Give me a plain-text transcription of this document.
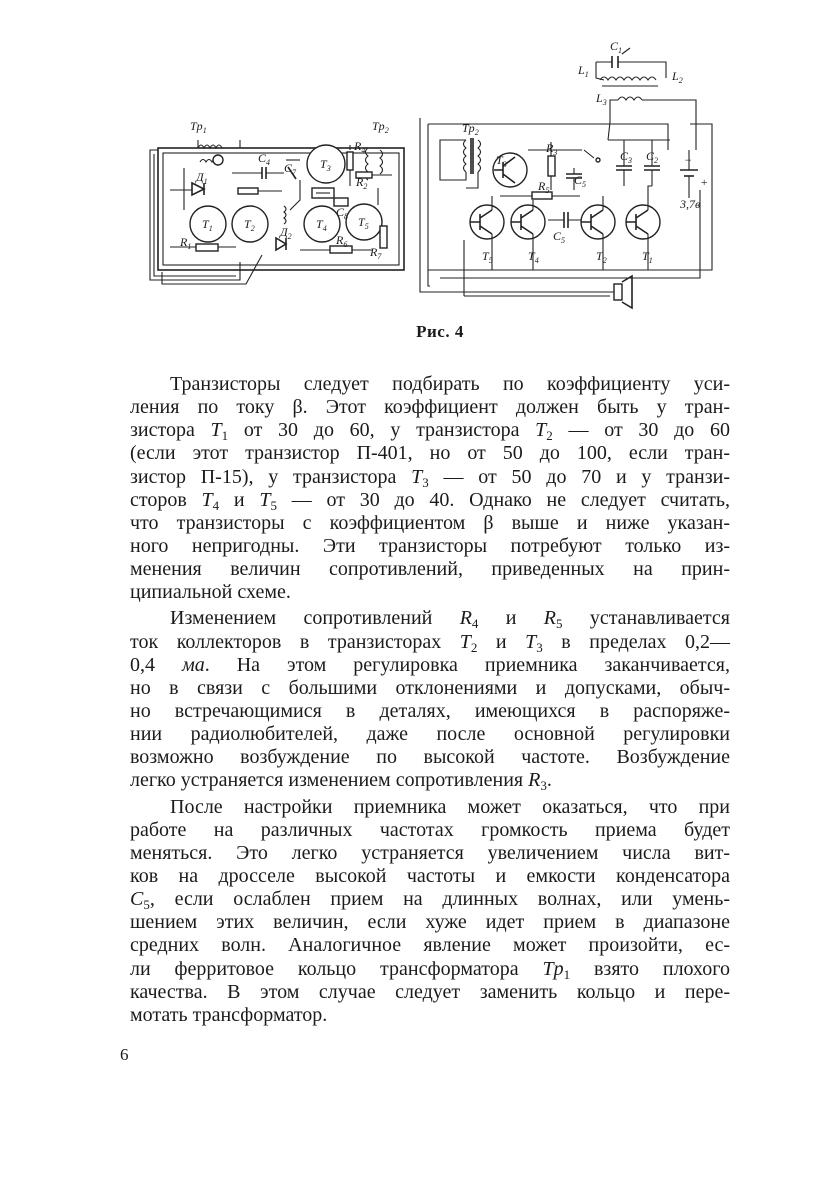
$Tp_1$	$Tp_2$
$C_4$ $C_7$
$T_3$
$R_4$
$R_2$
$Д_1$
$C_8$
$T_1$	$T_2$	$T_4$	$T_5$
$R_1$	$R_6$
$R_7$
$Д_2$
$C_1$
$L_1$	$L_2$
$L_3$
$Tp_2$
$T_3$
$R_3$
$C_5$
$C_3$ $C_2$
$R_5$
$C_5$
$T_5$	$T_4$	$T_2$	$T_1$
−
+
3,7в
Рис. 4
Транзисторы следует подбирать по коэффициенту уси-
ления по току β. Этот коэффициент должен быть у тран-
зистора $T_1$ от 30 до 60, у транзистора $T_2$ — от 30 до 60
(если этот транзистор П-401, но от 50 до 100, если тран-
зистор П-15), у транзистора $T_3$ — от 50 до 70 и у транзи-
сторов $T_4$ и $T_5$ — от 30 до 40. Однако не следует считать,
что транзисторы с коэффициентом β выше и ниже указан-
ного непригодны. Эти транзисторы потребуют только из-
менения величин сопротивлений, приведенных на прин-
ципиальной схеме.
Изменением сопротивлений $R_4$ и $R_5$ устанавливается
ток коллекторов в транзисторах $T_2$ и $T_3$ в пределах 0,2—
0,4 ма. На этом регулировка приемника заканчивается,
но в связи с большими отклонениями и допусками, обыч-
но встречающимися в деталях, имеющихся в распоряже-
нии радиолюбителей, даже после основной регулировки
возможно возбуждение по высокой частоте. Возбуждение
легко устраняется изменением сопротивления $R_3$.
После настройки приемника может оказаться, что при
работе на различных частотах громкость приема будет
меняться. Это легко устраняется увеличением числа вит-
ков на дросселе высокой частоты и емкости конденсатора
$C_5$, если ослаблен прием на длинных волнах, или умень-
шением этих величин, если хуже идет прием в диапазоне
средних волн. Аналогичное явление может произойти, ес-
ли ферритовое кольцо трансформатора $Tp_1$ взято плохого
качества. В этом случае следует заменить кольцо и пере-
мотать трансформатор.
6
